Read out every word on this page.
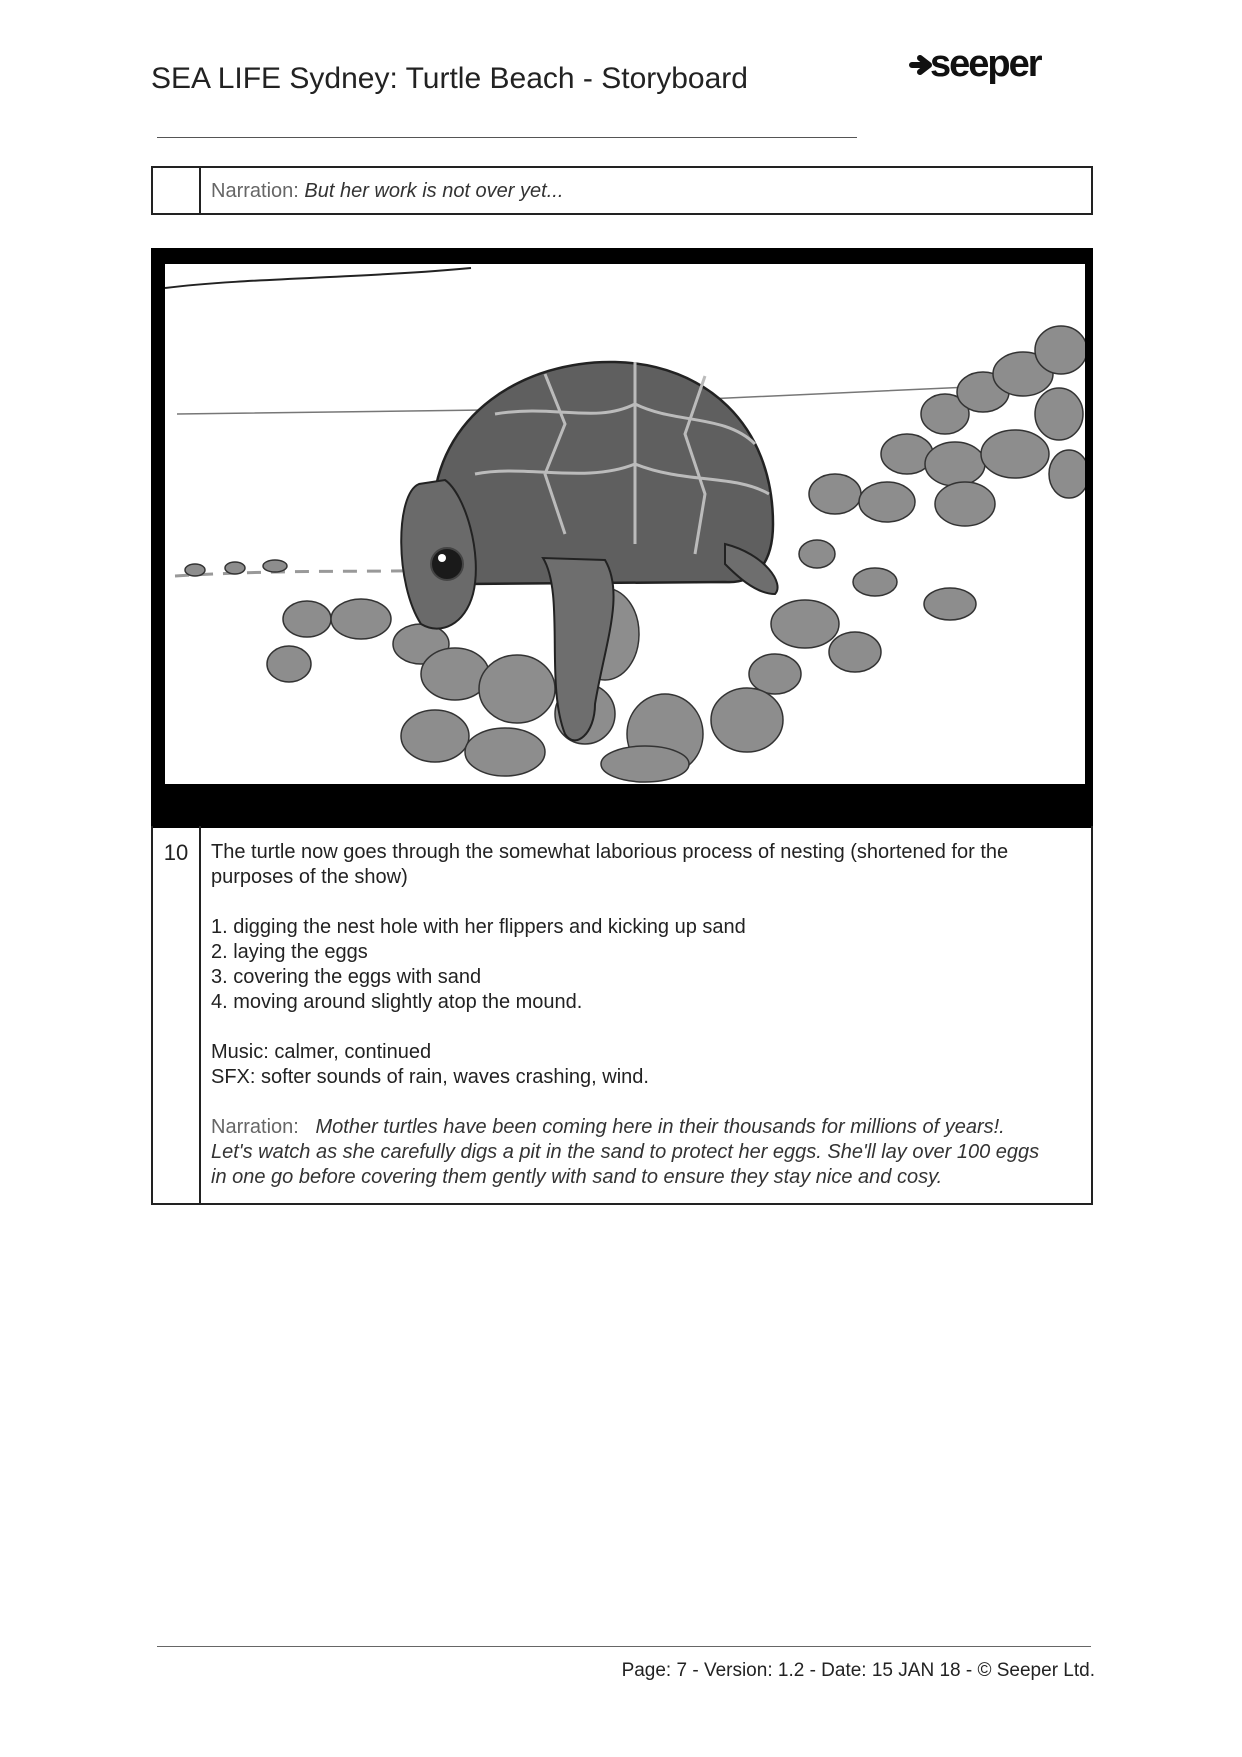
SEA LIFE Sydney: Turtle Beach - Storyboard	seeper
Narration: But her work is not over yet...
10	The turtle now goes through the somewhat laborious process of nesting (shortened for the
purposes of the show)

1. digging the nest hole with her flippers and kicking up sand
2. laying the eggs
3. covering the eggs with sand
4. moving around slightly atop the mound.

Music: calmer, continued
SFX: softer sounds of rain, waves crashing, wind.

Narration: Mother turtles have been coming here in their thousands for millions of years!.
Let's watch as she carefully digs a pit in the sand to protect her eggs. She'll lay over 100 eggs
in one go before covering them gently with sand to ensure they stay nice and cosy.

Page: 7 - Version: 1.2 - Date: 15 JAN 18 - © Seeper Ltd.
